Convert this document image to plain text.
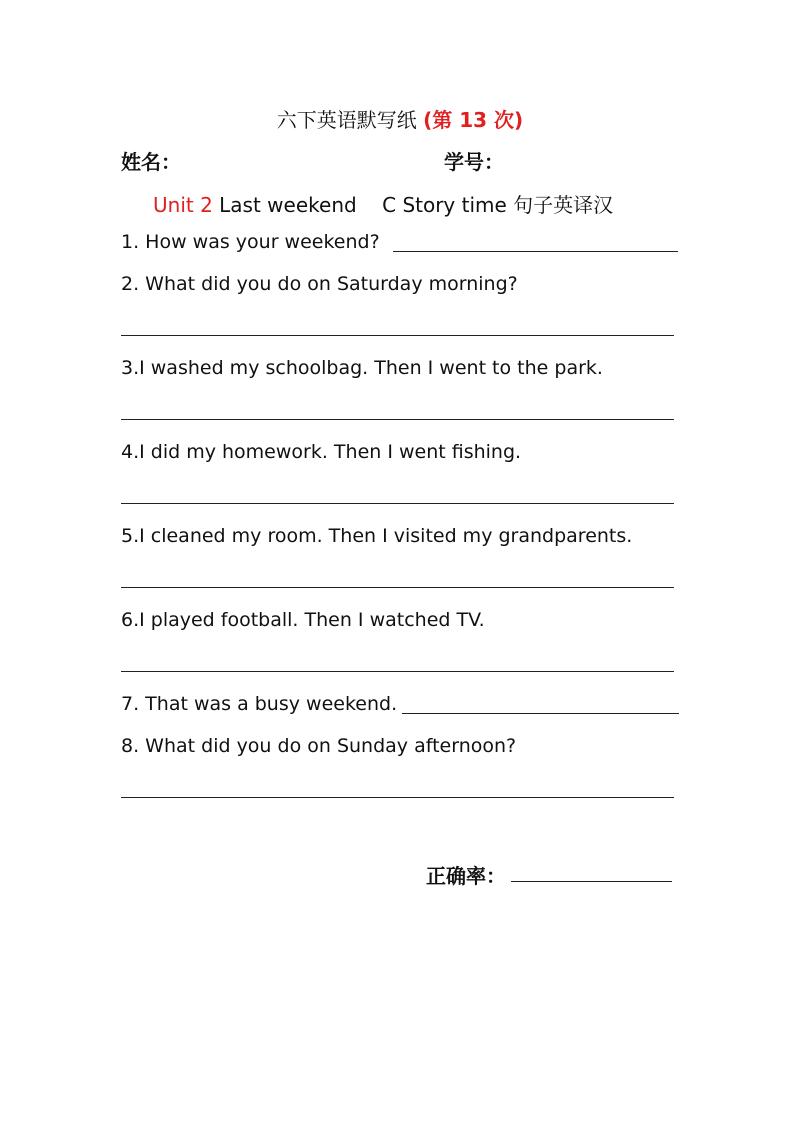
六下英语默写纸 (第 13 次)
姓名：	学号：
Unit 2 Last weekend    C Story time 句子英译汉
1. How was your weekend?
2. What did you do on Saturday morning?
3.I washed my schoolbag. Then I went to the park.
4.I did my homework. Then I went fishing.
5.I cleaned my room. Then I visited my grandparents.
6.I played football. Then I watched TV.
7. That was a busy weekend.
8. What did you do on Sunday afternoon?
正确率：
